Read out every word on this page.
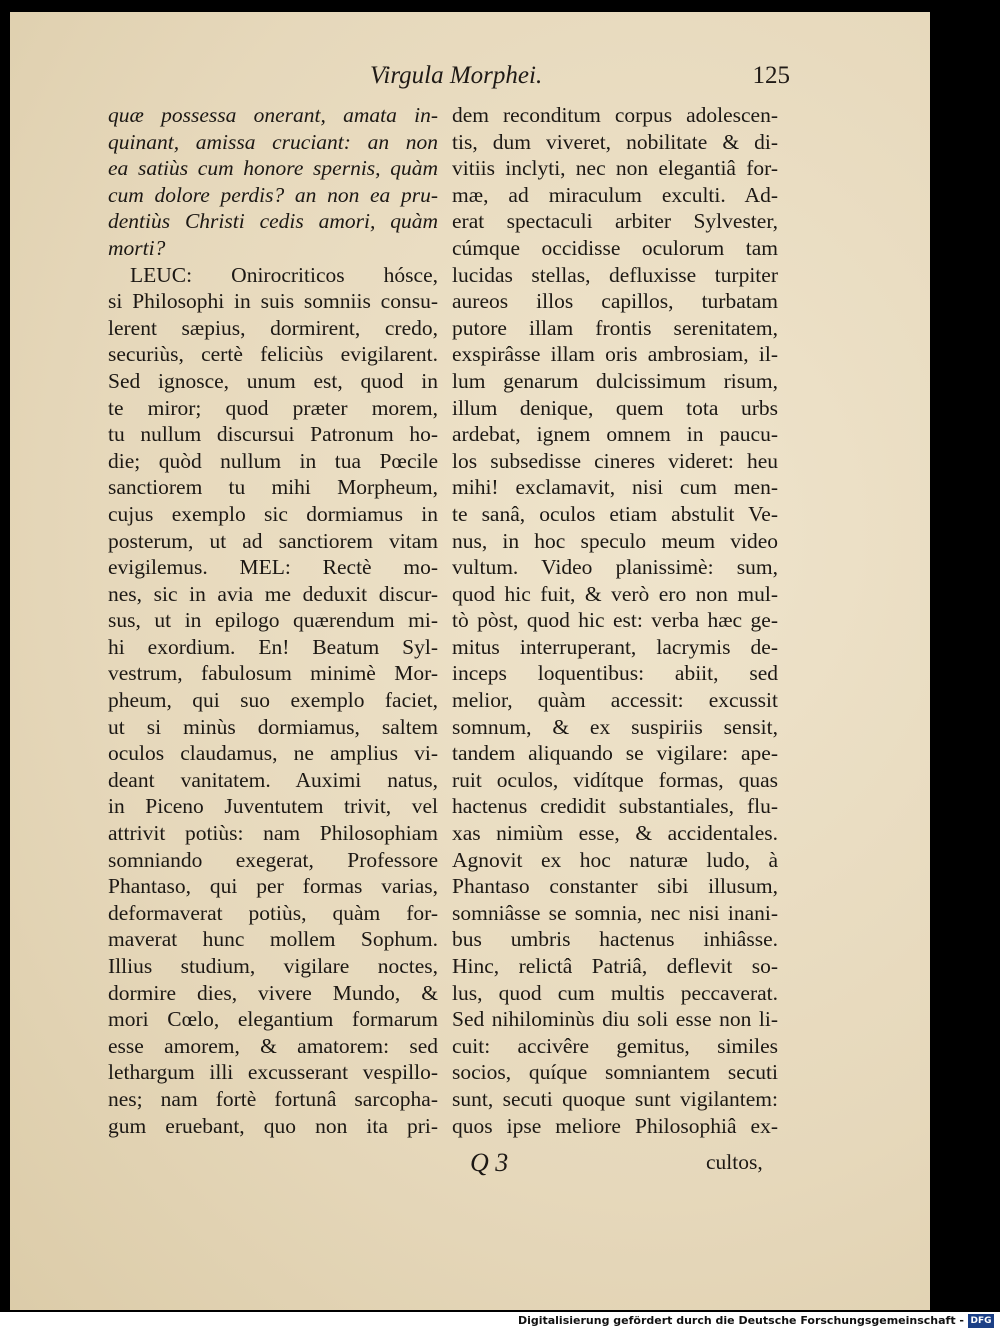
Virgula Morphei.	125
quæ possessa onerant, amata in-
quinant, amissa cruciant: an non
ea satiùs cum honore spernis, quàm
cum dolore perdis? an non ea pru-
dentiùs Christi cedis amori, quàm
morti?
LEUC: Onirocriticos hósce,
si Philosophi in suis somniis consu-
lerent sæpius, dormirent, credo,
securiùs, certè feliciùs evigilarent.
Sed ignosce, unum est, quod in
te miror; quod præter morem,
tu nullum discursui Patronum ho-
die; quòd nullum in tua Pœcile
sanctiorem tu mihi Morpheum,
cujus exemplo sic dormiamus in
posterum, ut ad sanctiorem vitam
evigilemus. MEL: Rectè mo-
nes, sic in avia me deduxit discur-
sus, ut in epilogo quærendum mi-
hi exordium. En! Beatum Syl-
vestrum, fabulosum minimè Mor-
pheum, qui suo exemplo faciet,
ut si minùs dormiamus, saltem
oculos claudamus, ne amplius vi-
deant vanitatem. Auximi natus,
in Piceno Juventutem trivit, vel
attrivit potiùs: nam Philosophiam
somniando exegerat, Professore
Phantaso, qui per formas varias,
deformaverat potiùs, quàm for-
maverat hunc mollem Sophum.
Illius studium, vigilare noctes,
dormire dies, vivere Mundo, &
mori Cœlo, elegantium formarum
esse amorem, & amatorem: sed
lethargum illi excusserant vespillo-
nes; nam fortè fortunâ sarcopha-
gum eruebant, quo non ita pri-
dem reconditum corpus adolescen-
tis, dum viveret, nobilitate & di-
vitiis inclyti, nec non elegantiâ for-
mæ, ad miraculum exculti. Ad-
erat spectaculi arbiter Sylvester,
cúmque occidisse oculorum tam
lucidas stellas, defluxisse turpiter
aureos illos capillos, turbatam
putore illam frontis serenitatem,
exspirâsse illam oris ambrosiam, il-
lum genarum dulcissimum risum,
illum denique, quem tota urbs
ardebat, ignem omnem in paucu-
los subsedisse cineres videret: heu
mihi! exclamavit, nisi cum men-
te sanâ, oculos etiam abstulit Ve-
nus, in hoc speculo meum video
vultum. Video planissimè: sum,
quod hic fuit, & verò ero non mul-
tò pòst, quod hic est: verba hæc ge-
mitus interruperant, lacrymis de-
inceps loquentibus: abiit, sed
melior, quàm accessit: excussit
somnum, & ex suspiriis sensit,
tandem aliquando se vigilare: ape-
ruit oculos, vidítque formas, quas
hactenus credidit substantiales, flu-
xas nimiùm esse, & accidentales.
Agnovit ex hoc naturæ ludo, à
Phantaso constanter sibi illusum,
somniâsse se somnia, nec nisi inani-
bus umbris hactenus inhiâsse.
Hinc, relictâ Patriâ, deflevit so-
lus, quod cum multis peccaverat.
Sed nihilominùs diu soli esse non li-
cuit: accivêre gemitus, similes
socios, quíque somniantem secuti
sunt, secuti quoque sunt vigilantem:
quos ipse meliore Philosophiâ ex-
Q 3	cultos,
Digitalisierung gefördert durch die Deutsche Forschungsgemeinschaft - DFG
